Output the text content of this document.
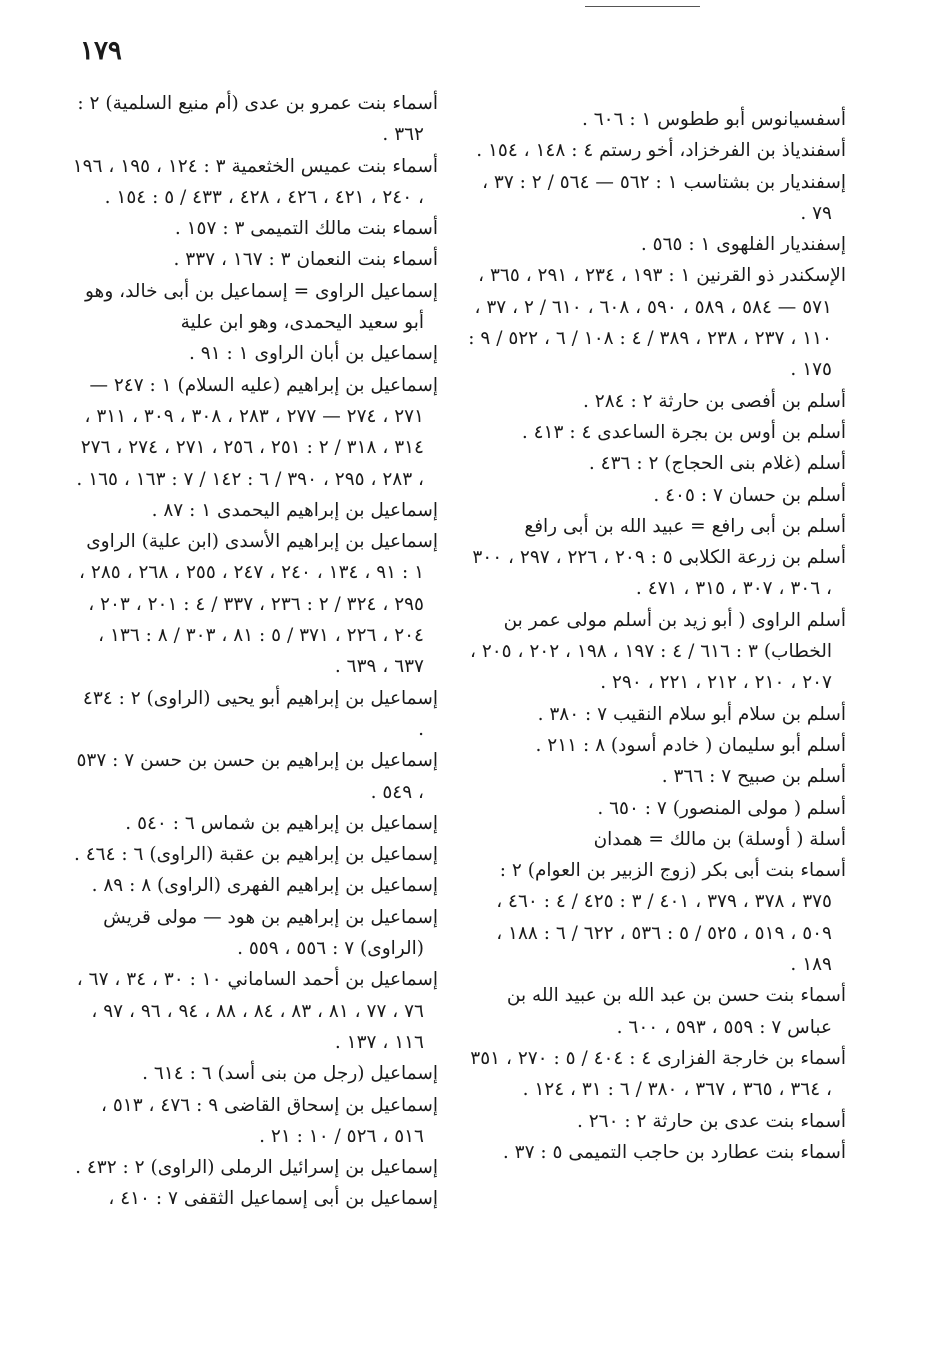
١٧٩

أسفسيانوس أبو ططوس ١ : ٦٠٦ .

أسفندياذ بن الفرخزاد، أخو رستم ٤ : ١٤٨ ، ١٥٤ .

إسفنديار بن بشتاسب ١ : ٥٦٢ — ٥٦٤ / ٢ : ٣٧ ، ٧٩ .

إسفنديار الفلهوى ١ : ٥٦٥ .

الإسكندر ذو القرنين ١ : ١٩٣ ، ٢٣٤ ، ٢٩١ ، ٣٦٥ ، ٥٧١ — ٥٨٤ ، ٥٨٩ ، ٥٩٠ ، ٦٠٨ ، ٦١٠ / ٢ ، ٣٧ ، ١١٠ ، ٢٣٧ ، ٢٣٨ ، ٣٨٩ / ٤ : ١٠٨ / ٦ ، ٥٢٢ / ٩ : ١٧٥ .

أسلم بن أفصى بن حارثة ٢ : ٢٨٤ .

أسلم بن أوس بن بجرة الساعدى ٤ : ٤١٣ .

أسلم (غلام بنى الحجاج) ٢ : ٤٣٦ .

أسلم بن حسان ٧ : ٤٠٥ .

أسلم بن أبى رافع = عبيد الله بن أبى رافع

أسلم بن زرعة الكلابى ٥ : ٢٠٩ ، ٢٢٦ ، ٢٩٧ ، ٣٠٠ ، ٣٠٦ ، ٣٠٧ ، ٣١٥ ، ٤٧١ .

أسلم الراوى ( أبو زيد بن أسلم مولى عمر بن الخطاب) ٣ : ٦١٦ / ٤ : ١٩٧ ، ١٩٨ ، ٢٠٢ ، ٢٠٥ ، ٢٠٧ ، ٢١٠ ، ٢١٢ ، ٢٢١ ، ٢٩٠ .

أسلم بن سلام أبو سلام النقيب ٧ : ٣٨٠ .

أسلم أبو سليمان ( خادم أسود) ٨ : ٢١١ .

أسلم بن صبيح ٧ : ٣٦٦ .

أسلم ( مولى المنصور) ٧ : ٦٥٠ .

أسلة ( أوسلة) بن مالك = همدان

أسماء بنت أبى بكر (زوج الزبير بن العوام) ٢ : ٣٧٥ ، ٣٧٨ ، ٣٧٩ ، ٤٠١ / ٣ : ٤٢٥ / ٤ : ٤٦٠ ، ٥٠٩ ، ٥١٩ ، ٥٢٥ / ٥ : ٥٣٦ ، ٦٢٢ / ٦ : ١٨٨ ، ١٨٩ .

أسماء بنت حسن بن عبد الله بن عبيد الله بن عباس ٧ : ٥٥٩ ، ٥٩٣ ، ٦٠٠ .

أسماء بن خارجة الفزارى ٤ : ٤٠٤ / ٥ : ٢٧٠ ، ٣٥١ ، ٣٦٤ ، ٣٦٥ ، ٣٦٧ ، ٣٨٠ / ٦ : ٣١ ، ١٢٤ .

أسماء بنت عدى بن حارثة ٢ : ٢٦٠ .

أسماء بنت عطارد بن حاجب التميمى ٥ : ٣٧ .

أسماء بنت عمرو بن عدى (أم منيع السلمية) ٢ : ٣٦٢ .

أسماء بنت عميس الخثعمية ٣ : ١٢٤ ، ١٩٥ ، ١٩٦ ، ٢٤٠ ، ٤٢١ ، ٤٢٦ ، ٤٢٨ ، ٤٣٣ / ٥ : ١٥٤ .

أسماء بنت مالك التميمى ٣ : ١٥٧ .

أسماء بنت النعمان ٣ : ١٦٧ ، ٣٣٧ .

إسماعيل الراوى = إسماعيل بن أبى خالد، وهو أبو سعيد اليحمدى، وهو ابن علية

إسماعيل بن أبان الراوى ١ : ٩١ .

إسماعيل بن إبراهيم (عليه السلام) ١ : ٢٤٧ — ٢٧١ ، ٢٧٤ — ٢٧٧ ، ٢٨٣ ، ٣٠٨ ، ٣٠٩ ، ٣١١ ، ٣١٤ ، ٣١٨ / ٢ : ٢٥١ ، ٢٥٦ ، ٢٧١ ، ٢٧٤ ، ٢٧٦ ، ٢٨٣ ، ٢٩٥ ، ٣٩٠ / ٦ : ١٤٢ / ٧ : ١٦٣ ، ١٦٥ .

إسماعيل بن إبراهيم اليحمدى ١ : ٨٧ .

إسماعيل بن إبراهيم الأسدى (ابن علية) الراوى ١ : ٩١ ، ١٣٤ ، ٢٤٠ ، ٢٤٧ ، ٢٥٥ ، ٢٦٨ ، ٢٨٥ ، ٢٩٥ ، ٣٢٤ / ٢ : ٢٣٦ ، ٣٣٧ / ٤ : ٢٠١ ، ٢٠٣ ، ٢٠٤ ، ٢٢٦ ، ٣٧١ / ٥ : ٨١ ، ٣٠٣ / ٨ : ١٣٦ ، ٦٣٧ ، ٦٣٩ .

إسماعيل بن إبراهيم أبو يحيى (الراوى) ٢ : ٤٣٤ .

إسماعيل بن إبراهيم بن حسن بن حسن ٧ : ٥٣٧ ، ٥٤٩ .

إسماعيل بن إبراهيم بن شماس ٦ : ٥٤٠ .

إسماعيل بن إبراهيم بن عقبة (الراوى) ٦ : ٤٦٤ .

إسماعيل بن إبراهيم الفهرى (الراوى) ٨ : ٨٩ .

إسماعيل بن إبراهيم بن هود — مولى قريش (الراوى) ٧ : ٥٥٦ ، ٥٥٩ .

إسماعيل بن أحمد الساماني ١٠ : ٣٠ ، ٣٤ ، ٦٧ ، ٧٦ ، ٧٧ ، ٨١ ، ٨٣ ، ٨٤ ، ٨٨ ، ٩٤ ، ٩٦ ، ٩٧ ، ١١٦ ، ١٣٧ .

إسماعيل (رجل من بنى أسد) ٦ : ٦١٤ .

إسماعيل بن إسحاق القاضى ٩ : ٤٧٦ ، ٥١٣ ، ٥١٦ ، ٥٢٦ / ١٠ : ٢١ .

إسماعيل بن إسرائيل الرملى (الراوى) ٢ : ٤٣٢ .

إسماعيل بن أبى إسماعيل الثقفى ٧ : ٤١٠ ،
